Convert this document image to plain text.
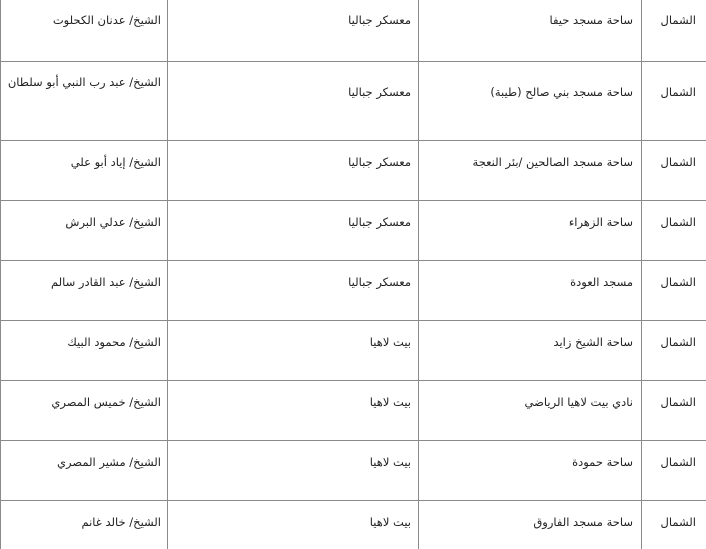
الشمال	ساحة مسجد حيفا	معسكر جباليا	الشيخ/ عدنان الكحلوت
الشمال	ساحة مسجد بني صالح (طيبة)	معسكر جباليا	الشيخ/ عبد رب النبي أبو سلطان
الشمال	ساحة مسجد الصالحين /بئر النعجة	معسكر جباليا	الشيخ/ إياد أبو علي
الشمال	ساحة الزهراء	معسكر جباليا	الشيخ/ عدلي البرش
الشمال	مسجد العودة	معسكر جباليا	الشيخ/ عبد القادر سالم
الشمال	ساحة الشيخ زايد	بيت لاهيا	الشيخ/ محمود البيك
الشمال	نادي بيت لاهيا الرياضي	بيت لاهيا	الشيخ/ خميس المصري
الشمال	ساحة حمودة	بيت لاهيا	الشيخ/ مشير المصري
الشمال	ساحة مسجد الفاروق	بيت لاهيا	الشيخ/ خالد غانم
